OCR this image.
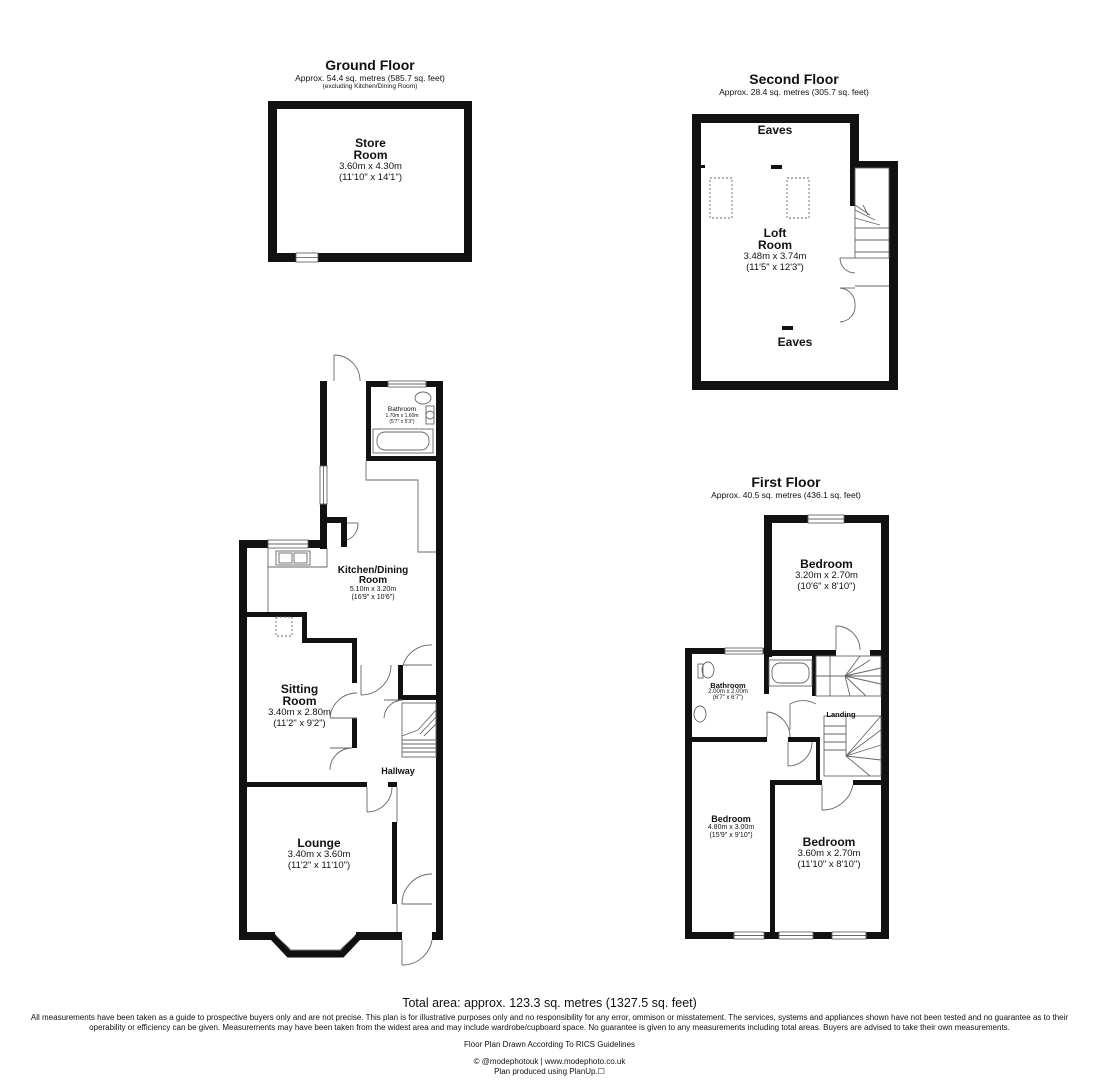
Ground Floor
Approx. 54.4 sq. metres (585.7 sq. feet)
(excluding Kitchen/Dining Room)
Store
Room
3.60m x 4.30m
(11'10" x 14'1")
Bathroom
1.70m x 1.60m
(5'7" x 5'3")
Kitchen/Dining
Room
5.10m x 3.20m
(16'9" x 10'6")
Sitting
Room
3.40m x 2.80m
(11'2" x 9'2")
Hallway
Lounge
3.40m x 3.60m
(11'2" x 11'10")
Second Floor
Approx. 28.4 sq. metres (305.7 sq. feet)
Eaves
Loft
Room
3.48m x 3.74m
(11'5" x 12'3")
Eaves
First Floor
Approx. 40.5 sq. metres (436.1 sq. feet)
Bedroom
3.20m x 2.70m
(10'6" x 8'10")
Bathroom
2.00m x 2.00m
(6'7" x 6'7")
Landing
Bedroom
4.80m x 3.00m
(15'9" x 9'10")	Bedroom
3.60m x 2.70m
(11'10" x 8'10")
Total area: approx. 123.3 sq. metres (1327.5 sq. feet)
All measurements have been taken as a guide to prospective buyers only and are not precise. This plan is for illustrative purposes only and no responsibility for any error, ommison or misstatement. The services, systems and appliances shown have not been tested and no guarantee as to their
operability or efficiency can be given. Measurements may have been taken from the widest area and may include wardrobe/cupboard space. No guarantee is given to any measurements including total areas. Buyers are advised to take their own measurements.
Floor Plan Drawn According To RICS Guidelines
© @modephotouk | www.modephoto.co.uk
Plan produced using PlanUp.☐
